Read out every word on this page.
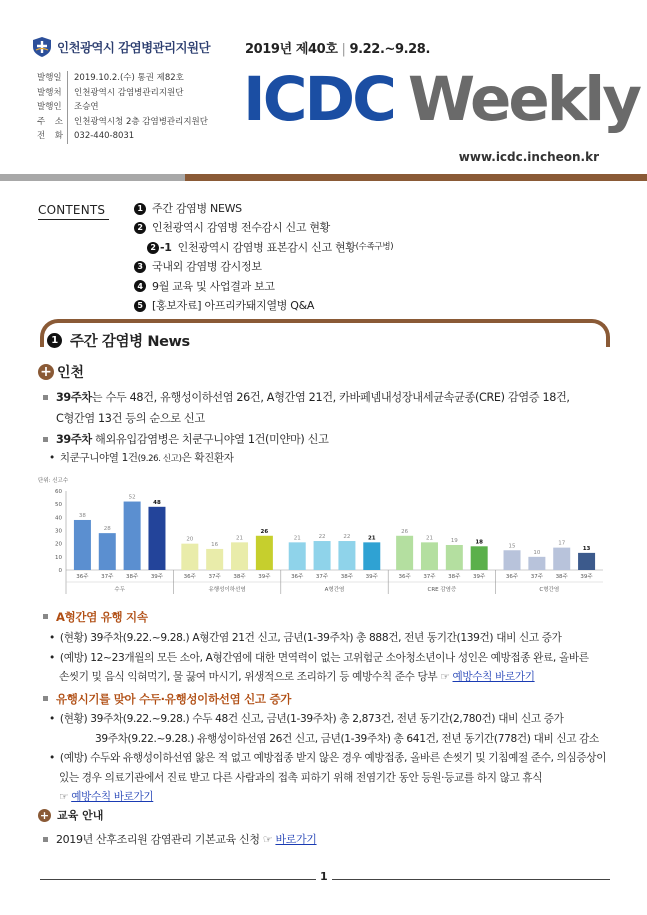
인천광역시 감염병관리지원단
발행일	2019.10.2.(수) 통권 제82호
발행처	인천광역시 감염병관리지원단
발행인	조승연
주 소	인천광역시청 2층 감염병관리지원단
전 화	032-440-8031
2019년 제40호 | 9.22.~9.28.
ICDC Weekly
www.icdc.incheon.kr
CONTENTS	1 주간 감염병 NEWS
2 인천광역시 감염병 전수감시 신고 현황
2 -1 인천광역시 감염병 표본감시 신고 현황 (수족구병)
3 국내외 감염병 감시정보
4 9월 교육 및 사업결과 보고
5 [홍보자료] 아프리카돼지열병 Q&A
1 주간 감염병 News
+ 인천
39주차는 수두 48건, 유행성이하선염 26건, A형간염 21건, 카바페넴내성장내세균속균종(CRE) 감염증 18건,
C형간염 13건 등의 순으로 신고
39주차 해외유입감염병은 치쿤구니야열 1건(미얀마) 신고
• 치쿤구니야열 1건(9.26. 신고)은 확진환자
단위: 신고수
0
10
20
30
40
50
60
38
36주
28
37주
52
38주
48
39주
수두
20
36주
16
37주
21
38주
26
39주
유행성이하선염
21
36주
22
37주
22
38주
21
39주
A형간염
26
36주
21
37주
19
38주
18
39주
CRE 감염증
15
36주
10
37주
17
38주
13
39주
C형간염
A형간염 유행 지속
• (현황) 39주차(9.22.~9.28.) A형간염 21건 신고, 금년(1-39주차) 총 888건, 전년 동기간(139건) 대비 신고 증가
• (예방) 12~23개월의 모든 소아, A형간염에 대한 면역력이 없는 고위험군 소아청소년이나 성인은 예방접종 완료, 올바른
손씻기 및 음식 익혀먹기, 물 끓여 마시기, 위생적으로 조리하기 등 예방수칙 준수 당부 ☞ 예방수칙 바로가기
유행시기를 맞아 수두·유행성이하선염 신고 증가
• (현황) 39주차(9.22.~9.28.) 수두 48건 신고, 금년(1-39주차) 총 2,873건, 전년 동기간(2,780건) 대비 신고 증가
39주차(9.22.~9.28.) 유행성이하선염 26건 신고, 금년(1-39주차) 총 641건, 전년 동기간(778건) 대비 신고 감소
• (예방) 수두와 유행성이하선염 앓은 적 없고 예방접종 받지 않은 경우 예방접종, 올바른 손씻기 및 기침예절 준수, 의심증상이
있는 경우 의료기관에서 진료 받고 다른 사람과의 접촉 피하기 위해 전염기간 동안 등원·등교를 하지 않고 휴식
☞ 예방수칙 바로가기
+ 교육 안내
2019년 산후조리원 감염관리 기본교육 신청 ☞ 바로가기
1
